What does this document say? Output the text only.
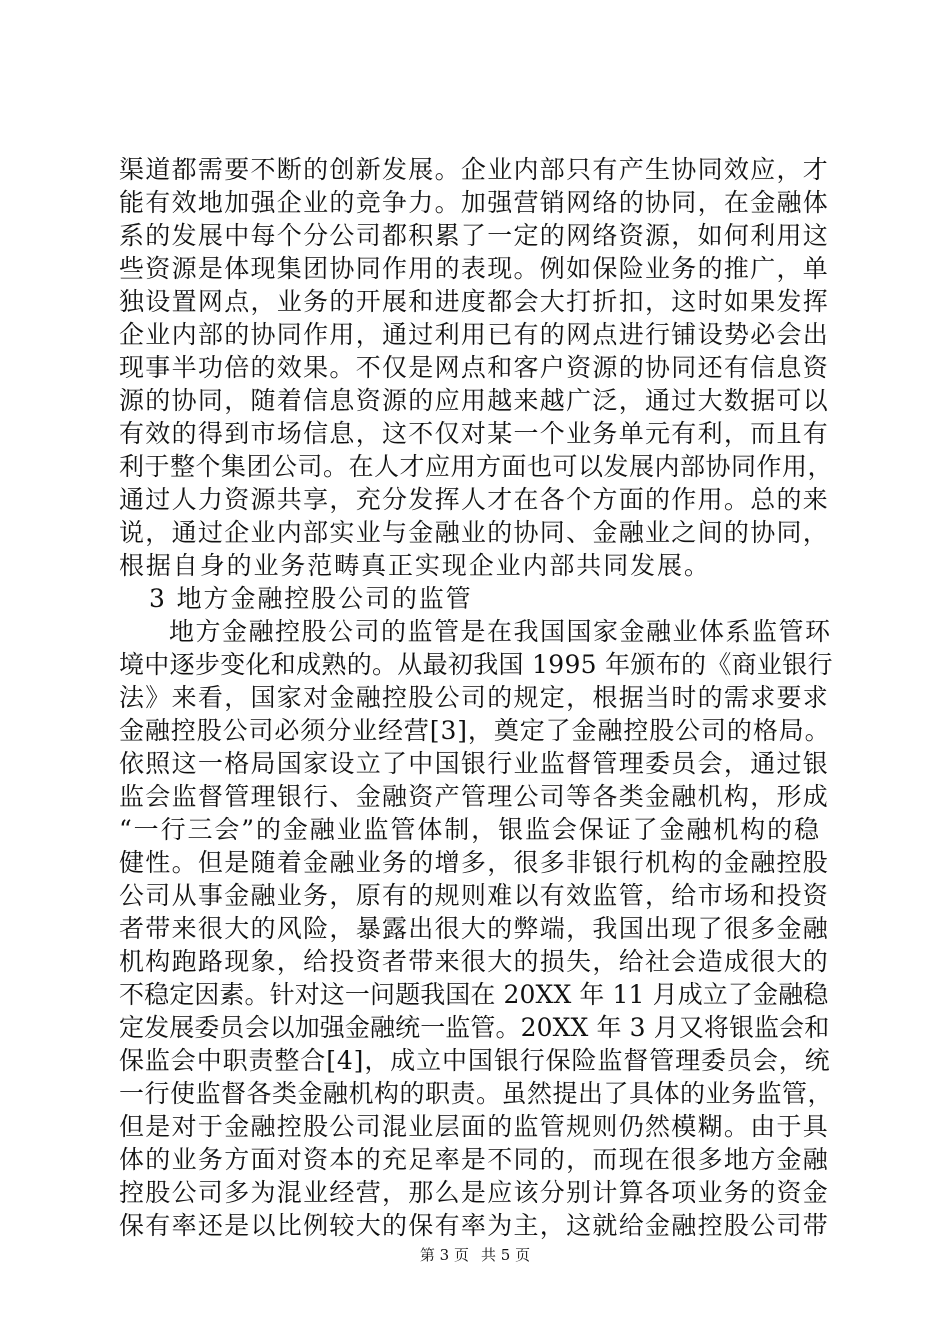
渠道都需要不断的创新发展。企业内部只有产生协同效应，才
能有效地加强企业的竞争力。加强营销网络的协同，在金融体
系的发展中每个分公司都积累了一定的网络资源，如何利用这
些资源是体现集团协同作用的表现。例如保险业务的推广，单
独设置网点，业务的开展和进度都会大打折扣，这时如果发挥
企业内部的协同作用，通过利用已有的网点进行铺设势必会出
现事半功倍的效果。不仅是网点和客户资源的协同还有信息资
源的协同，随着信息资源的应用越来越广泛，通过大数据可以
有效的得到市场信息，这不仅对某一个业务单元有利，而且有
利于整个集团公司。在人才应用方面也可以发展内部协同作用，
通过人力资源共享，充分发挥人才在各个方面的作用。总的来
说，通过企业内部实业与金融业的协同、金融业之间的协同，
根据自身的业务范畴真正实现企业内部共同发展。
3 地方金融控股公司的监管
地方金融控股公司的监管是在我国国家金融业体系监管环
境中逐步变化和成熟的。从最初我国 1995 年颁布的《商业银行
法》来看，国家对金融控股公司的规定，根据当时的需求要求
金融控股公司必须分业经营[3]，奠定了金融控股公司的格局。
依照这一格局国家设立了中国银行业监督管理委员会，通过银
监会监督管理银行、金融资产管理公司等各类金融机构，形成
“一行三会”的金融业监管体制，银监会保证了金融机构的稳
健性。但是随着金融业务的增多，很多非银行机构的金融控股
公司从事金融业务，原有的规则难以有效监管，给市场和投资
者带来很大的风险，暴露出很大的弊端，我国出现了很多金融
机构跑路现象，给投资者带来很大的损失，给社会造成很大的
不稳定因素。针对这一问题我国在 20XX 年 11 月成立了金融稳
定发展委员会以加强金融统一监管。20XX 年 3 月又将银监会和
保监会中职责整合[4]，成立中国银行保险监督管理委员会，统
一行使监督各类金融机构的职责。虽然提出了具体的业务监管，
但是对于金融控股公司混业层面的监管规则仍然模糊。由于具
体的业务方面对资本的充足率是不同的，而现在很多地方金融
控股公司多为混业经营，那么是应该分别计算各项业务的资金
保有率还是以比例较大的保有率为主，这就给金融控股公司带
第 3 页 共 5 页
